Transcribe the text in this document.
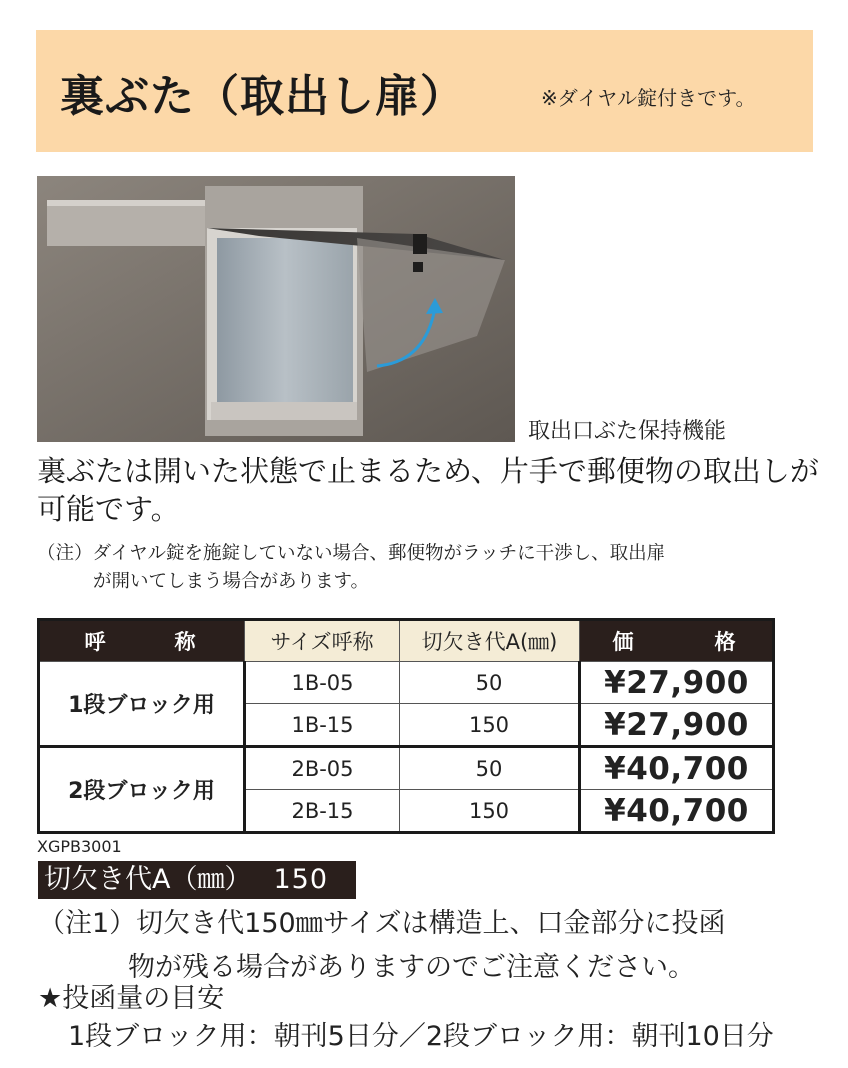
裏ぶた（取出し扉）	※ダイヤル錠付きです。
取出口ぶた保持機能
裏ぶたは開いた状態で止まるため、片手で郵便物の取出しが可能です。
（注）ダイヤル錠を施錠していない場合、郵便物がラッチに干渉し、取出扉
が開いてしまう場合があります。
呼　称	サイズ呼称	切欠き代A(㎜)	価　格
1段ブロック用	1B-05	50	¥27,900
	1B-15	150	¥27,900
2段ブロック用	2B-05	50	¥40,700
	2B-15	150	¥40,700
XGPB3001
切欠き代A（㎜） 150
（注1）切欠き代150㎜サイズは構造上、口金部分に投函
物が残る場合がありますのでご注意ください。
★投函量の目安
1段ブロック用：朝刊5日分／2段ブロック用：朝刊10日分
